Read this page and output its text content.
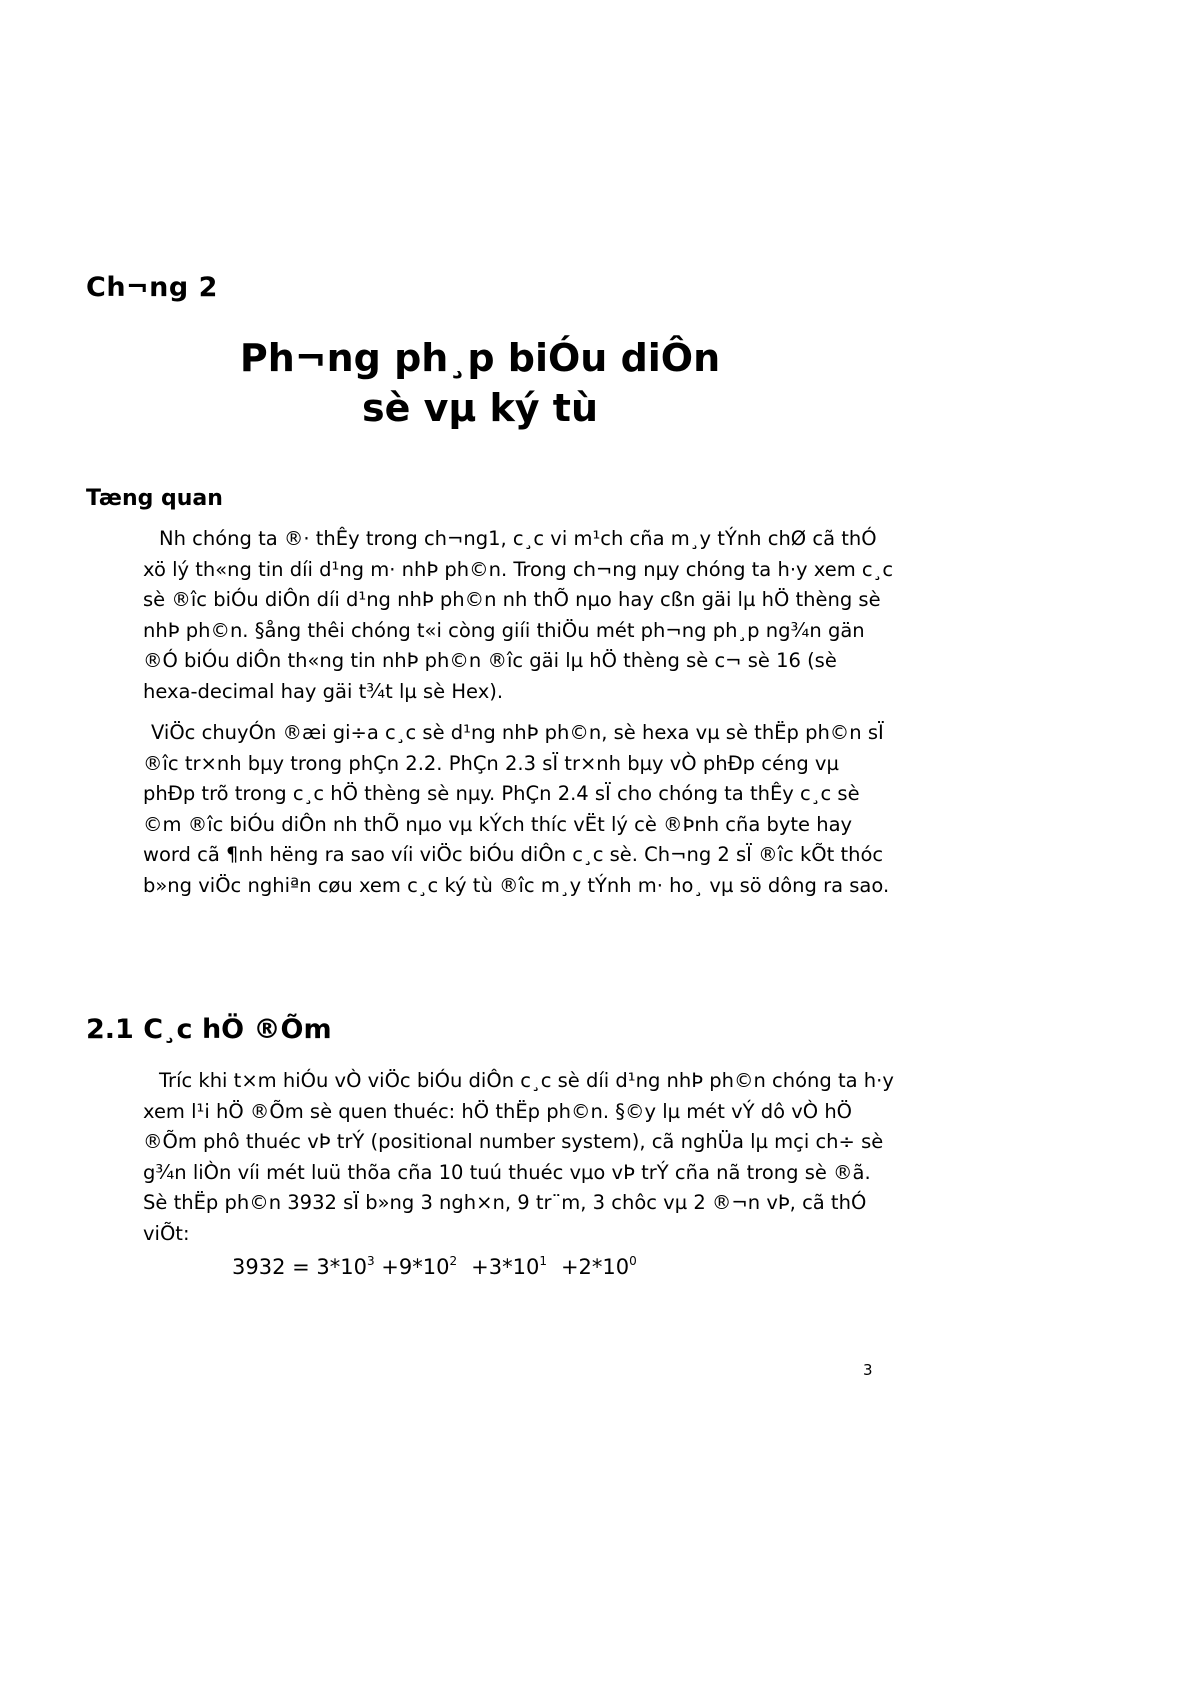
Ch¬ng 2
Ph¬ng ph¸p biÓu diÔn
sè vµ ký tù
Tæng quan

Nh chóng ta ®· thÊy trong ch¬ng1, c¸c vi m¹ch cña m¸y tÝnh chØ cã thÓ xö lý th«ng tin díi d¹ng m· nhÞ ph©n. Trong ch¬ng nµy chóng ta h·y xem c¸c sè ®îc biÓu diÔn díi d¹ng nhÞ ph©n nh thÕ nµo hay cßn gäi lµ hÖ thèng sè nhÞ ph©n. §ång thêi chóng t«i còng giíi thiÖu mét ph¬ng ph¸p ng¾n gän ®Ó biÓu diÔn th«ng tin nhÞ ph©n ®îc gäi lµ hÖ thèng sè c¬ sè 16 (sè hexa-decimal hay gäi t¾t lµ sè Hex).

ViÖc chuyÓn ®æi gi÷a c¸c sè d¹ng nhÞ ph©n, sè hexa vµ sè thËp ph©n sÏ ®îc tr×nh bµy trong phÇn 2.2. PhÇn 2.3 sÏ tr×nh bµy vÒ phÐp céng vµ phÐp trõ trong c¸c hÖ thèng sè nµy. PhÇn 2.4 sÏ cho chóng ta thÊy c¸c sè ©m ®îc biÓu diÔn nh thÕ nµo vµ kÝch thíc vËt lý cè ®Þnh cña byte hay word cã ¶nh hëng ra sao víi viÖc biÓu diÔn c¸c sè. Ch¬ng 2 sÏ ®îc kÕt thóc b»ng viÖc nghiªn cøu xem c¸c ký tù ®îc m¸y tÝnh m· ho¸ vµ sö dông ra sao.

2.1 C¸c hÖ ®Õm

Tríc khi t×m hiÓu vÒ viÖc biÓu diÔn c¸c sè díi d¹ng nhÞ ph©n chóng ta h·y xem l¹i hÖ ®Õm sè quen thuéc: hÖ thËp ph©n. §©y lµ mét vÝ dô vÒ hÖ ®Õm phô thuéc vÞ trÝ (positional number system), cã nghÜa lµ mçi ch÷ sè g¾n liÒn víi mét luü thõa cña 10 tuú thuéc vµo vÞ trÝ cña nã trong sè ®ã. Sè thËp ph©n 3932 sÏ b»ng 3 ngh×n, 9 tr¨m, 3 chôc vµ 2 ®¬n vÞ, cã thÓ viÕt:

$3932 = 3*10^3 +9*10^2 +3*10^1 +2*10^0$

3
